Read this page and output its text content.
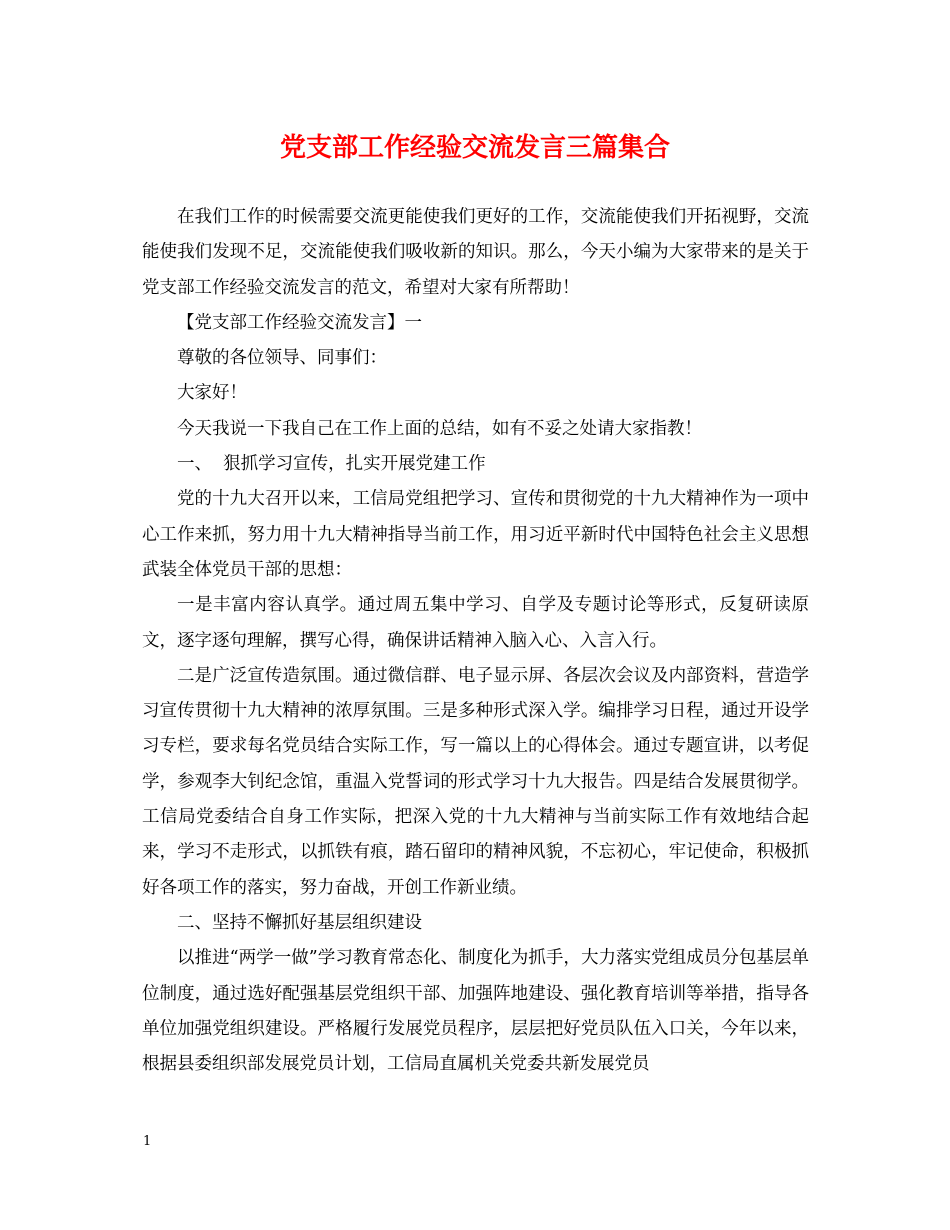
党支部工作经验交流发言三篇集合

在我们工作的时候需要交流更能使我们更好的工作，交流能使我们开拓视野，交流能使我们发现不足，交流能使我们吸收新的知识。那么，今天小编为大家带来的是关于党支部工作经验交流发言的范文，希望对大家有所帮助！

【党支部工作经验交流发言】一

尊敬的各位领导、同事们：

大家好！

今天我说一下我自己在工作上面的总结，如有不妥之处请大家指教！

一、  狠抓学习宣传，扎实开展党建工作

党的十九大召开以来，工信局党组把学习、宣传和贯彻党的十九大精神作为一项中心工作来抓，努力用十九大精神指导当前工作，用习近平新时代中国特色社会主义思想武装全体党员干部的思想：

一是丰富内容认真学。通过周五集中学习、自学及专题讨论等形式，反复研读原文，逐字逐句理解，撰写心得，确保讲话精神入脑入心、入言入行。

二是广泛宣传造氛围。通过微信群、电子显示屏、各层次会议及内部资料，营造学习宣传贯彻十九大精神的浓厚氛围。三是多种形式深入学。编排学习日程，通过开设学习专栏，要求每名党员结合实际工作，写一篇以上的心得体会。通过专题宣讲，以考促学，参观李大钊纪念馆，重温入党誓词的形式学习十九大报告。四是结合发展贯彻学。工信局党委结合自身工作实际，把深入党的十九大精神与当前实际工作有效地结合起来，学习不走形式，以抓铁有痕，踏石留印的精神风貌，不忘初心，牢记使命，积极抓好各项工作的落实，努力奋战，开创工作新业绩。

二、坚持不懈抓好基层组织建设

以推进“两学一做”学习教育常态化、制度化为抓手，大力落实党组成员分包基层单位制度，通过选好配强基层党组织干部、加强阵地建设、强化教育培训等举措，指导各单位加强党组织建设。严格履行发展党员程序，层层把好党员队伍入口关，今年以来，根据县委组织部发展党员计划，工信局直属机关党委共新发展党员

1
